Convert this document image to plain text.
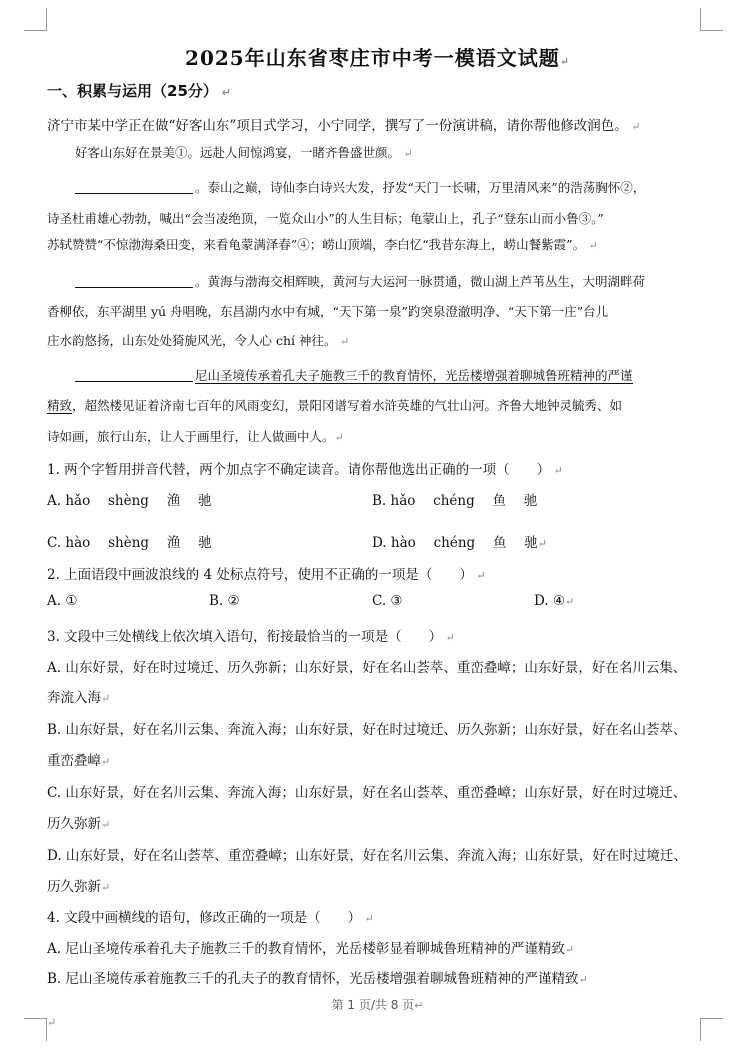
2025年山东省枣庄市中考一模语文试题↵
一、积累与运用（25分） ↵
济宁市某中学正在做“好客山东”项目式学习，小宁同学，撰写了一份演讲稿，请你帮他修改润色。 ↵
好客山东好在景美①。远赴人间惊鸿宴，一睹齐鲁盛世颜。 ↵
。泰山之巅，诗仙李白诗兴大发，抒发“天门一长啸，万里清风来”的浩荡胸怀②，
诗圣杜甫雄心勃勃，喊出“会当凌绝顶，一览众山小”的人生目标；龟蒙山上，孔子“登东山而小鲁③。”
苏轼赞赞“不惊渤海桑田变，来看龟蒙满泽春”④；崂山顶端，李白忆“我昔东海上，崂山餐紫霞”。 ↵
。黄海与渤海交相辉映，黄河与大运河一脉贯通，微山湖上芦苇丛生，大明湖畔荷
香柳依，东平湖里 yú 舟唱晚，东昌湖内水中有城，“天下第一泉”趵突泉澄澈明净、“天下第一庄”台儿
庄水韵悠扬，山东处处猗旎风光，令人心 chí 神往。 ↵
尼山圣境传承着孔夫子施教三千的教育情怀，光岳楼增强着聊城鲁班精神的严谨
精致，超然楼见证着济南七百年的风雨变幻，景阳冈谱写着水浒英雄的气壮山河。齐鲁大地钟灵毓秀、如
诗如画，旅行山东，让人于画里行，让人做画中人。↵
1. 两个字暂用拼音代替，两个加点字不确定读音。请你帮他选出正确的一项（　　） ↵
A. hǎo　 shèng　 渔　 驰	B. hǎo　 chéng　 鱼　 驰
C. hào　 shèng　 渔　 驰	D. hào　 chéng　 鱼　 驰↵
2. 上面语段中画波浪线的 4 处标点符号，使用不正确的一项是（　　） ↵
A. ①	B. ②	C. ③	D. ④↵
3. 文段中三处横线上依次填入语句，衔接最恰当的一项是（　　） ↵
A. 山东好景，好在时过境迁、历久弥新；山东好景，好在名山荟萃、重峦叠嶂；山东好景，好在名川云集、
奔流入海↵
B. 山东好景，好在名川云集、奔流入海；山东好景，好在时过境迁、历久弥新；山东好景，好在名山荟萃、
重峦叠嶂↵
C. 山东好景，好在名川云集、奔流入海；山东好景，好在名山荟萃、重峦叠嶂；山东好景，好在时过境迁、
历久弥新↵
D. 山东好景，好在名山荟萃、重峦叠嶂；山东好景，好在名川云集、奔流入海；山东好景，好在时过境迁、
历久弥新↵
4. 文段中画横线的语句，修改正确的一项是（　　） ↵
A. 尼山圣境传承着孔夫子施教三千的教育情怀，光岳楼彰显着聊城鲁班精神的严谨精致↵
B. 尼山圣境传承着施教三千的孔夫子的教育情怀，光岳楼增强着聊城鲁班精神的严谨精致↵
第 1 页/共 8 页↵
↵
